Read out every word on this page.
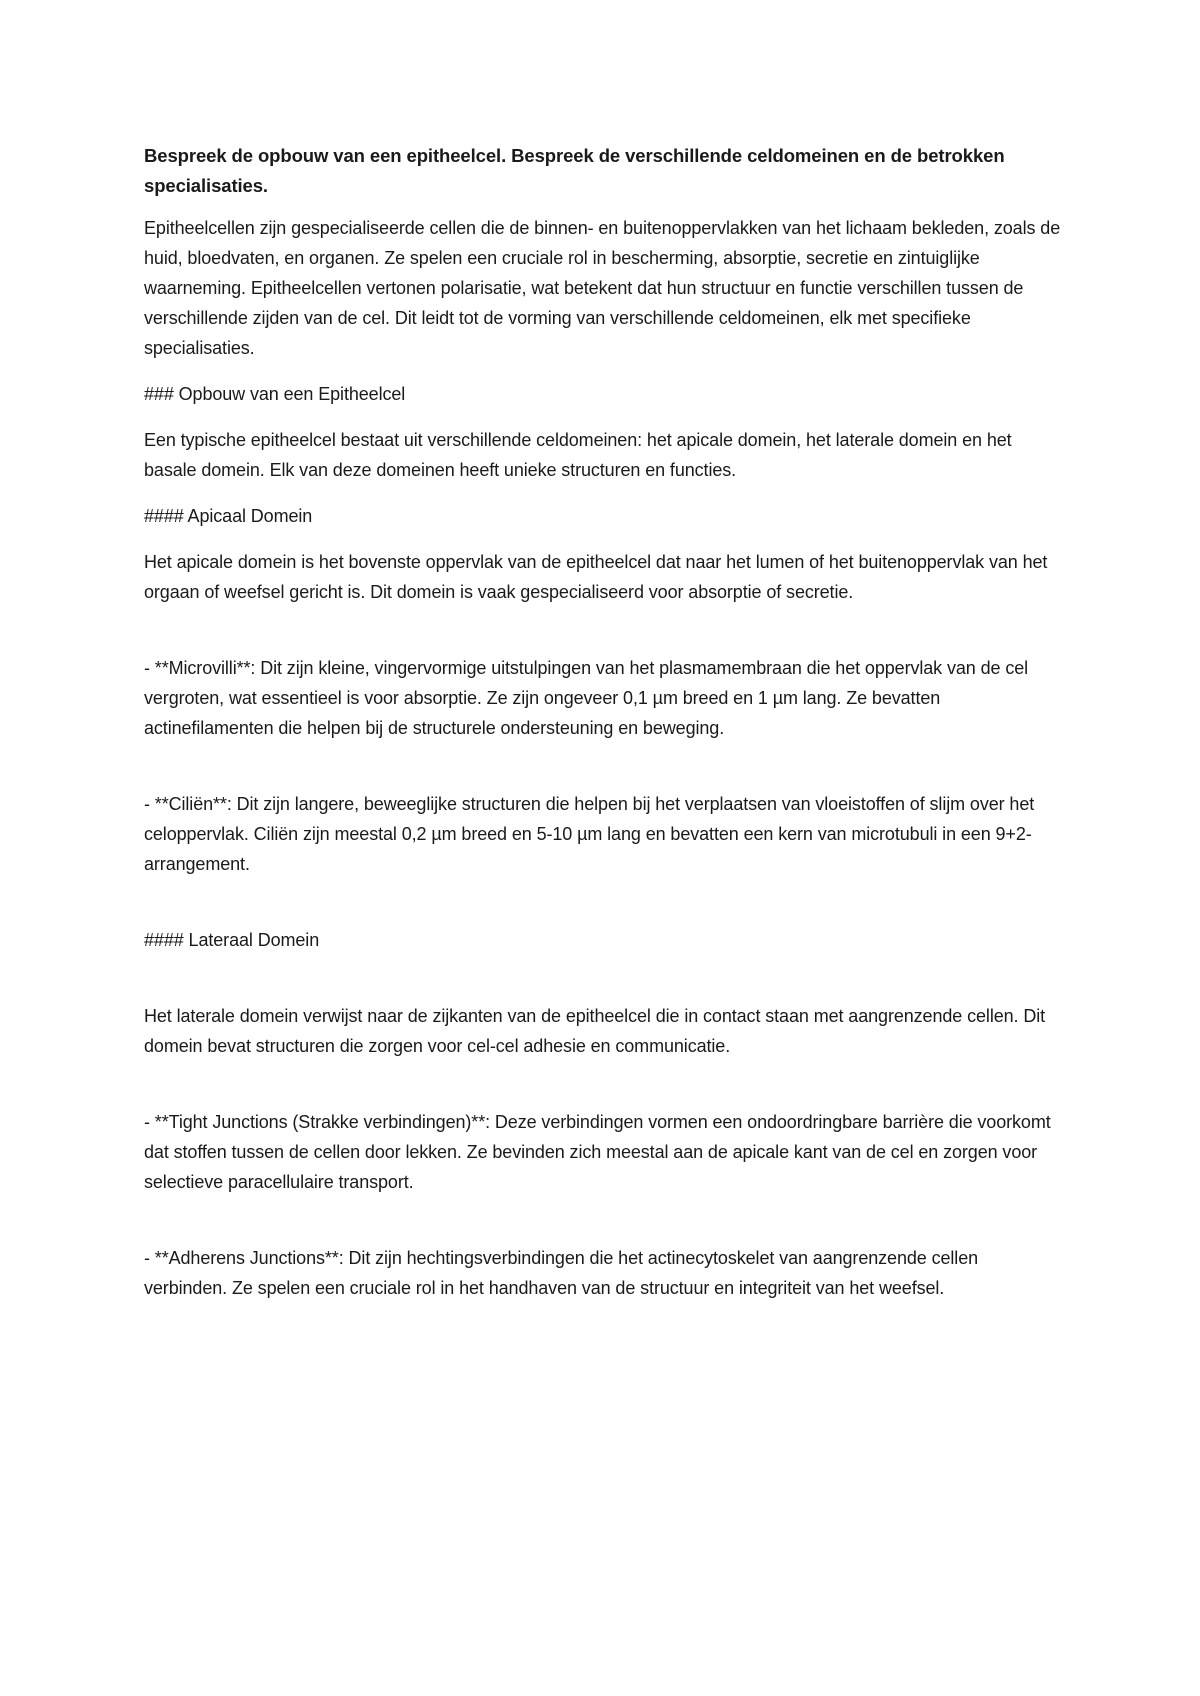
Bespreek de opbouw van een epitheelcel. Bespreek de verschillende celdomeinen en de betrokken specialisaties.

Epitheelcellen zijn gespecialiseerde cellen die de binnen- en buitenoppervlakken van het lichaam bekleden, zoals de huid, bloedvaten, en organen. Ze spelen een cruciale rol in bescherming, absorptie, secretie en zintuiglijke waarneming. Epitheelcellen vertonen polarisatie, wat betekent dat hun structuur en functie verschillen tussen de verschillende zijden van de cel. Dit leidt tot de vorming van verschillende celdomeinen, elk met specifieke specialisaties.

### Opbouw van een Epitheelcel

Een typische epitheelcel bestaat uit verschillende celdomeinen: het apicale domein, het laterale domein en het basale domein. Elk van deze domeinen heeft unieke structuren en functies.

#### Apicaal Domein

Het apicale domein is het bovenste oppervlak van de epitheelcel dat naar het lumen of het buitenoppervlak van het orgaan of weefsel gericht is. Dit domein is vaak gespecialiseerd voor absorptie of secretie.

- **Microvilli**: Dit zijn kleine, vingervormige uitstulpingen van het plasmamembraan die het oppervlak van de cel vergroten, wat essentieel is voor absorptie. Ze zijn ongeveer 0,1 µm breed en 1 µm lang. Ze bevatten actinefilamenten die helpen bij de structurele ondersteuning en beweging.

- **Ciliën**: Dit zijn langere, beweeglijke structuren die helpen bij het verplaatsen van vloeistoffen of slijm over het celoppervlak. Ciliën zijn meestal 0,2 µm breed en 5-10 µm lang en bevatten een kern van microtubuli in een 9+2-arrangement.

#### Lateraal Domein

Het laterale domein verwijst naar de zijkanten van de epitheelcel die in contact staan met aangrenzende cellen. Dit domein bevat structuren die zorgen voor cel-cel adhesie en communicatie.

- **Tight Junctions (Strakke verbindingen)**: Deze verbindingen vormen een ondoordringbare barrière die voorkomt dat stoffen tussen de cellen door lekken. Ze bevinden zich meestal aan de apicale kant van de cel en zorgen voor selectieve paracellulaire transport.

- **Adherens Junctions**: Dit zijn hechtingsverbindingen die het actinecytoskelet van aangrenzende cellen verbinden. Ze spelen een cruciale rol in het handhaven van de structuur en integriteit van het weefsel.
